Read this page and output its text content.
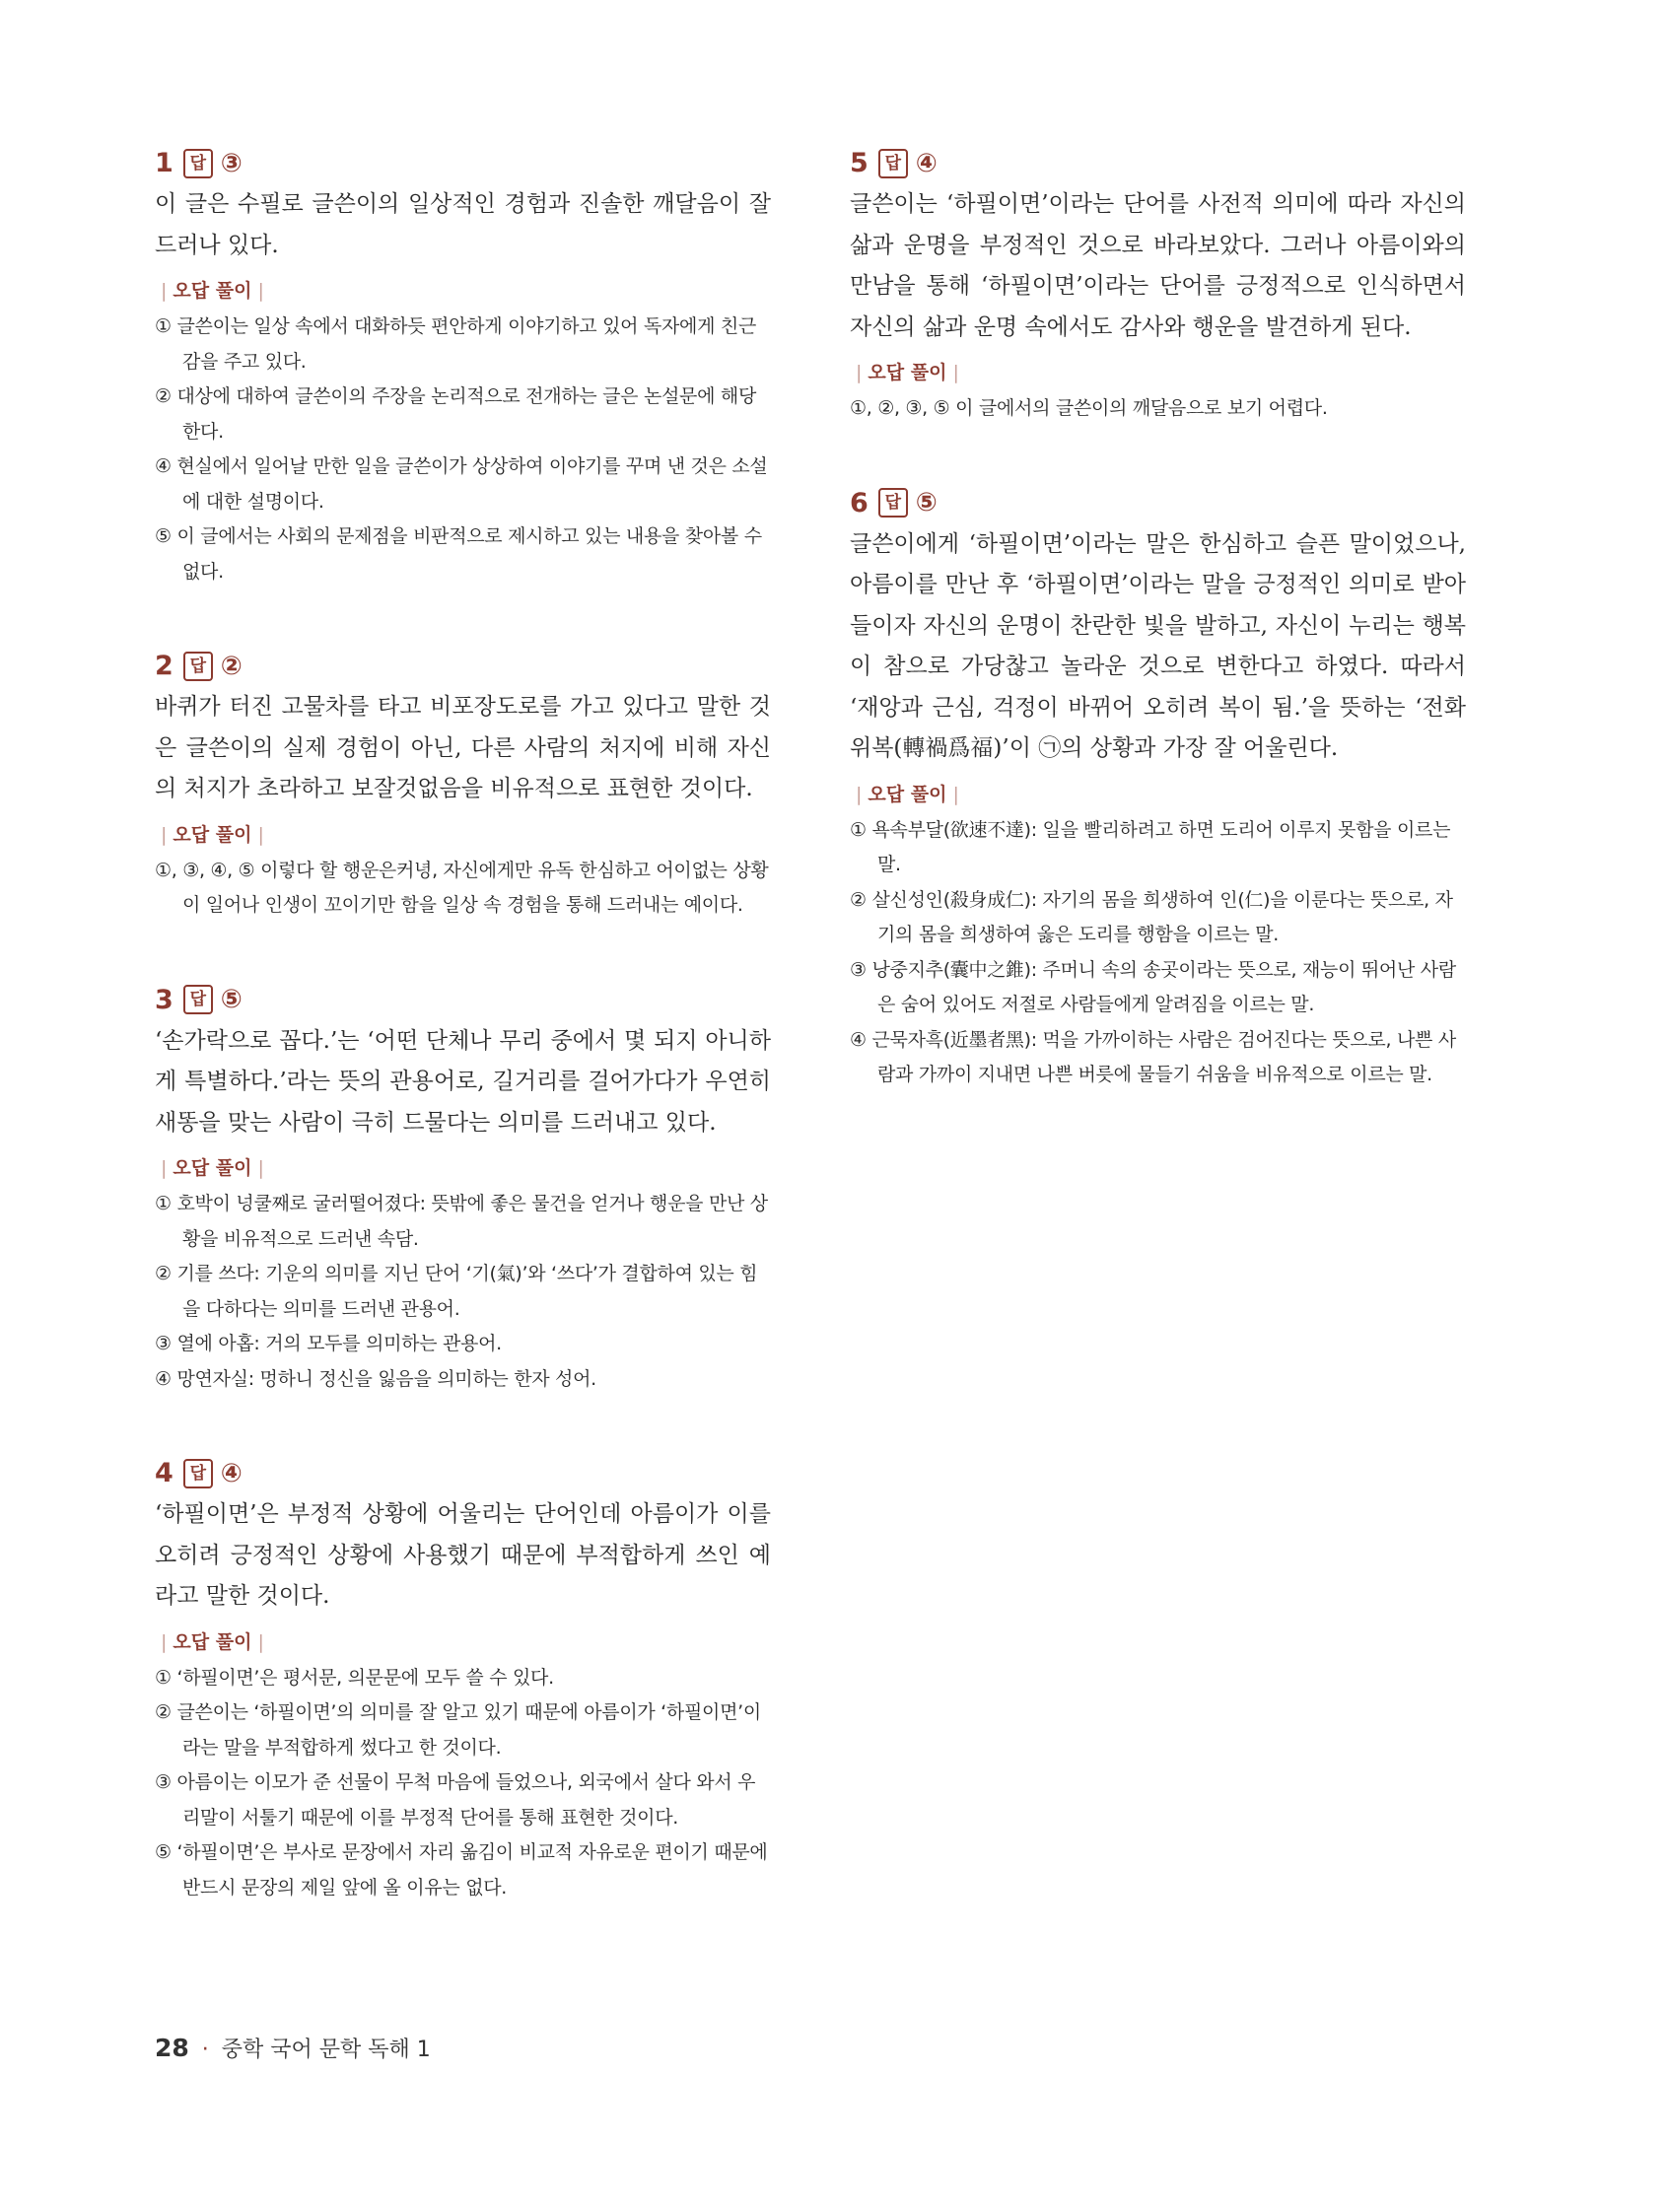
1 답 ③

이 글은 수필로 글쓴이의 일상적인 경험과 진솔한 깨달음이 잘 드러나 있다.

| 오답 풀이 |
① 글쓴이는 일상 속에서 대화하듯 편안하게 이야기하고 있어 독자에게 친근감을 주고 있다.
② 대상에 대하여 글쓴이의 주장을 논리적으로 전개하는 글은 논설문에 해당한다.
④ 현실에서 일어날 만한 일을 글쓴이가 상상하여 이야기를 꾸며 낸 것은 소설에 대한 설명이다.
⑤ 이 글에서는 사회의 문제점을 비판적으로 제시하고 있는 내용을 찾아볼 수 없다.
2 답 ②

바퀴가 터진 고물차를 타고 비포장도로를 가고 있다고 말한 것은 글쓴이의 실제 경험이 아닌, 다른 사람의 처지에 비해 자신의 처지가 초라하고 보잘것없음을 비유적으로 표현한 것이다.

| 오답 풀이 |
①, ③, ④, ⑤ 이렇다 할 행운은커녕, 자신에게만 유독 한심하고 어이없는 상황이 일어나 인생이 꼬이기만 함을 일상 속 경험을 통해 드러내는 예이다.
3 답 ⑤

‘손가락으로 꼽다.’는 ‘어떤 단체나 무리 중에서 몇 되지 아니하게 특별하다.’라는 뜻의 관용어로, 길거리를 걸어가다가 우연히 새똥을 맞는 사람이 극히 드물다는 의미를 드러내고 있다.

| 오답 풀이 |
① 호박이 넝쿨째로 굴러떨어졌다: 뜻밖에 좋은 물건을 얻거나 행운을 만난 상황을 비유적으로 드러낸 속담.
② 기를 쓰다: 기운의 의미를 지닌 단어 ‘기(氣)’와 ‘쓰다’가 결합하여 있는 힘을 다하다는 의미를 드러낸 관용어.
③ 열에 아홉: 거의 모두를 의미하는 관용어.
④ 망연자실: 멍하니 정신을 잃음을 의미하는 한자 성어.
4 답 ④

‘하필이면’은 부정적 상황에 어울리는 단어인데 아름이가 이를 오히려 긍정적인 상황에 사용했기 때문에 부적합하게 쓰인 예라고 말한 것이다.

| 오답 풀이 |
① ‘하필이면’은 평서문, 의문문에 모두 쓸 수 있다.
② 글쓴이는 ‘하필이면’의 의미를 잘 알고 있기 때문에 아름이가 ‘하필이면’이라는 말을 부적합하게 썼다고 한 것이다.
③ 아름이는 이모가 준 선물이 무척 마음에 들었으나, 외국에서 살다 와서 우리말이 서툴기 때문에 이를 부정적 단어를 통해 표현한 것이다.
⑤ ‘하필이면’은 부사로 문장에서 자리 옮김이 비교적 자유로운 편이기 때문에 반드시 문장의 제일 앞에 올 이유는 없다.
5 답 ④

글쓴이는 ‘하필이면’이라는 단어를 사전적 의미에 따라 자신의 삶과 운명을 부정적인 것으로 바라보았다. 그러나 아름이와의 만남을 통해 ‘하필이면’이라는 단어를 긍정적으로 인식하면서 자신의 삶과 운명 속에서도 감사와 행운을 발견하게 된다.

| 오답 풀이 |
①, ②, ③, ⑤ 이 글에서의 글쓴이의 깨달음으로 보기 어렵다.
6 답 ⑤

글쓴이에게 ‘하필이면’이라는 말은 한심하고 슬픈 말이었으나, 아름이를 만난 후 ‘하필이면’이라는 말을 긍정적인 의미로 받아들이자 자신의 운명이 찬란한 빛을 발하고, 자신이 누리는 행복이 참으로 가당찮고 놀라운 것으로 변한다고 하였다. 따라서 ‘재앙과 근심, 걱정이 바뀌어 오히려 복이 됨.’을 뜻하는 ‘전화위복(轉禍爲福)’이 ㉠의 상황과 가장 잘 어울린다.

| 오답 풀이 |
① 욕속부달(欲速不達): 일을 빨리하려고 하면 도리어 이루지 못함을 이르는 말.
② 살신성인(殺身成仁): 자기의 몸을 희생하여 인(仁)을 이룬다는 뜻으로, 자기의 몸을 희생하여 옳은 도리를 행함을 이르는 말.
③ 낭중지추(囊中之錐): 주머니 속의 송곳이라는 뜻으로, 재능이 뛰어난 사람은 숨어 있어도 저절로 사람들에게 알려짐을 이르는 말.
④ 근묵자흑(近墨者黑): 먹을 가까이하는 사람은 검어진다는 뜻으로, 나쁜 사람과 가까이 지내면 나쁜 버릇에 물들기 쉬움을 비유적으로 이르는 말.
28 · 중학 국어 문학 독해 1
